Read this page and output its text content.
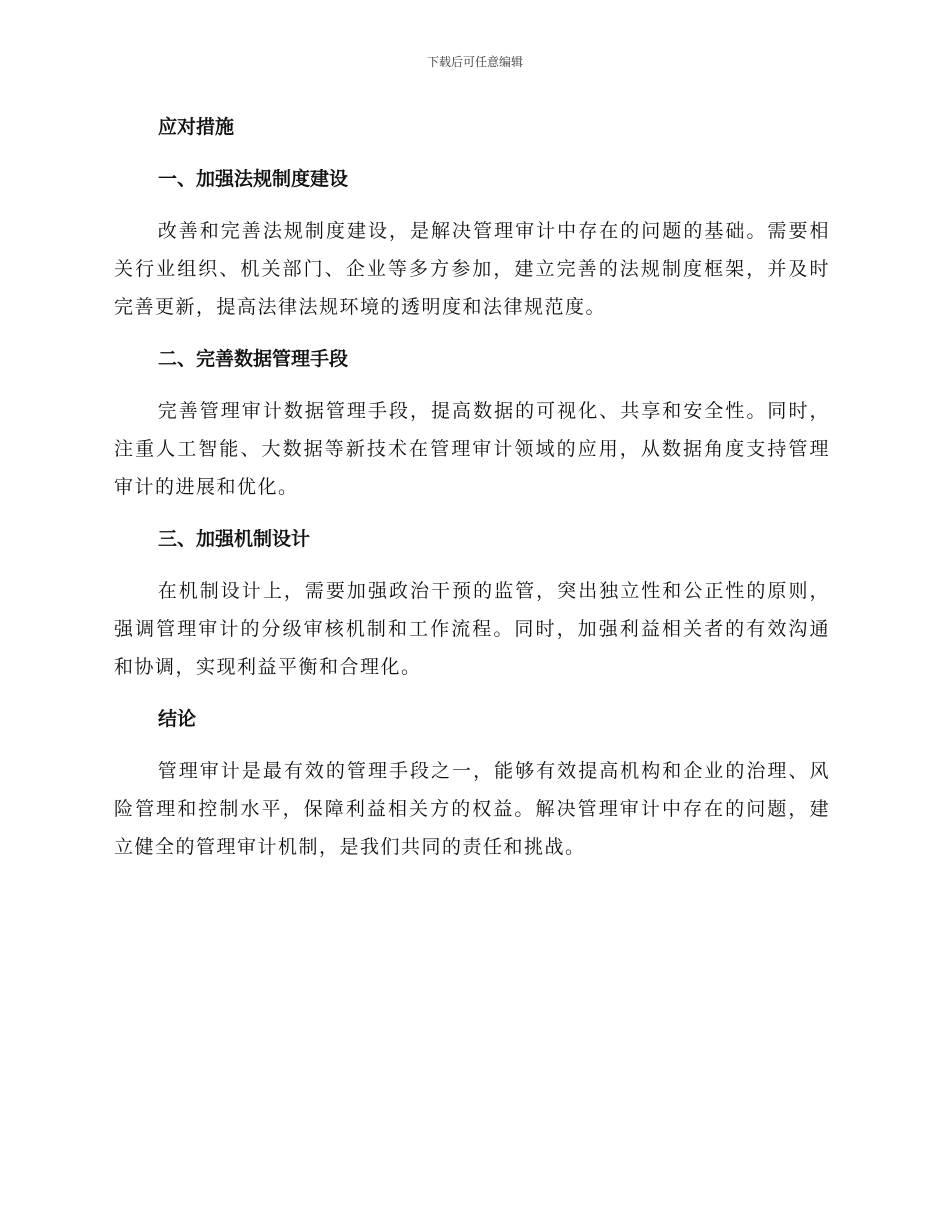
下载后可任意编辑
应对措施
一、加强法规制度建设

改善和完善法规制度建设，是解决管理审计中存在的问题的基础。需要相关行业组织、机关部门、企业等多方参加，建立完善的法规制度框架，并及时完善更新，提高法律法规环境的透明度和法律规范度。

二、完善数据管理手段

完善管理审计数据管理手段，提高数据的可视化、共享和安全性。同时，注重人工智能、大数据等新技术在管理审计领域的应用，从数据角度支持管理审计的进展和优化。

三、加强机制设计

在机制设计上，需要加强政治干预的监管，突出独立性和公正性的原则，强调管理审计的分级审核机制和工作流程。同时，加强利益相关者的有效沟通和协调，实现利益平衡和合理化。

结论

管理审计是最有效的管理手段之一，能够有效提高机构和企业的治理、风险管理和控制水平，保障利益相关方的权益。解决管理审计中存在的问题，建立健全的管理审计机制，是我们共同的责任和挑战。
